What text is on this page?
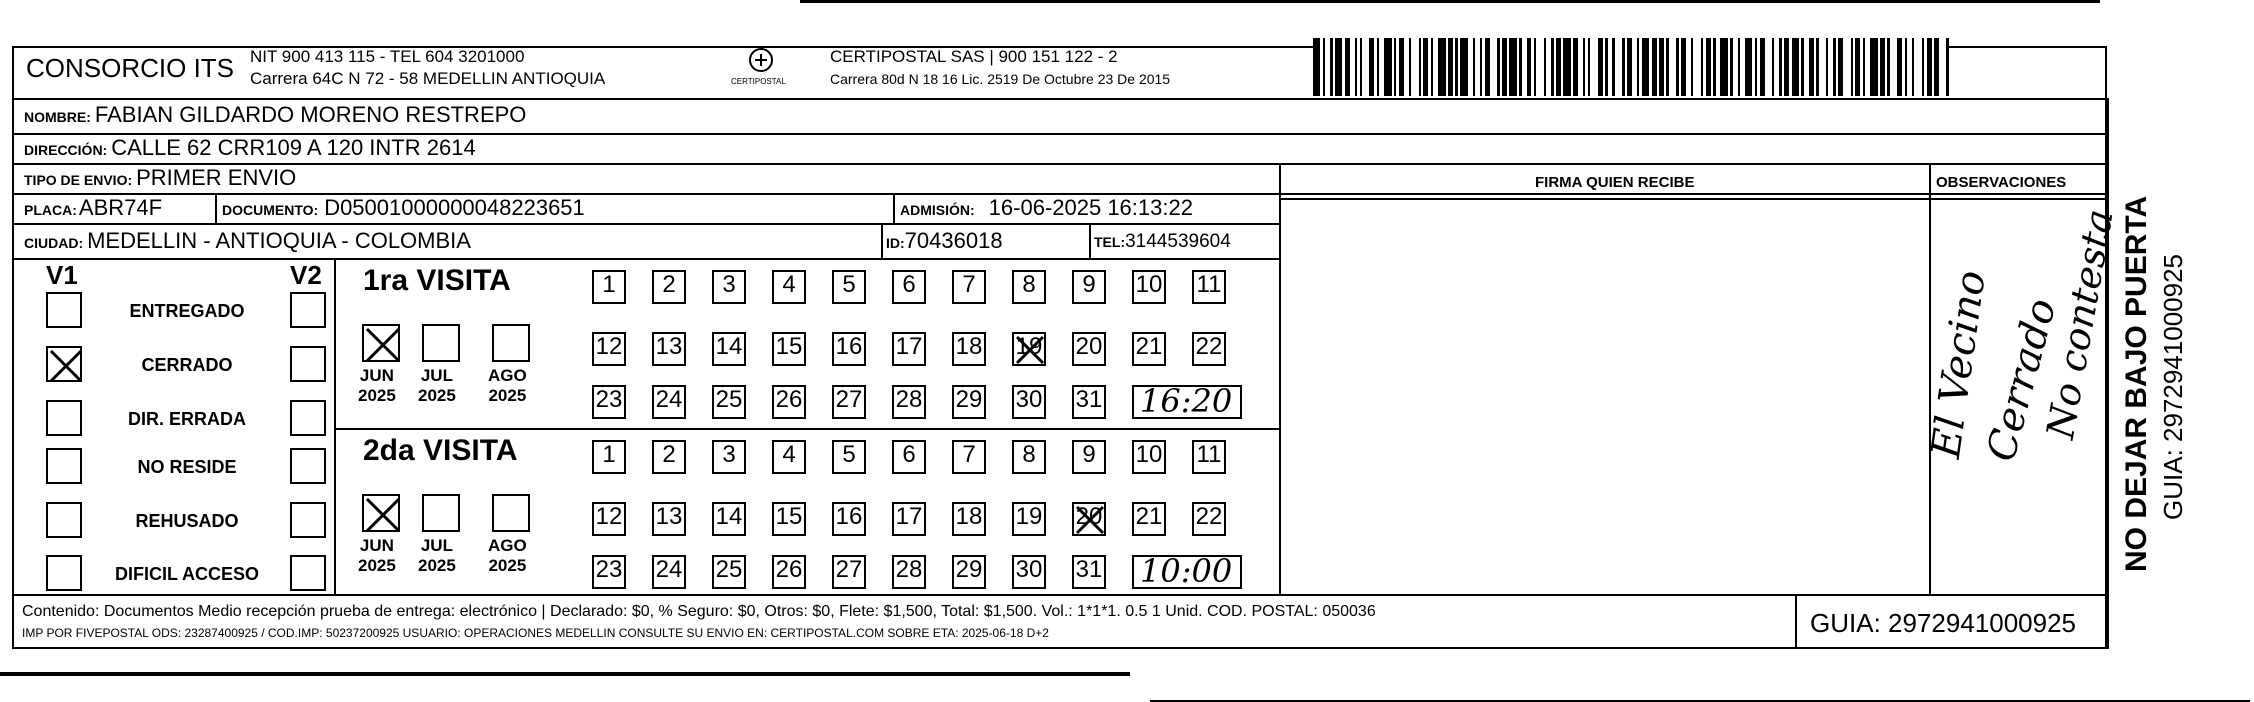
CONSORCIO ITS NIT 900 413 115 - TEL 604 3201000
Carrera 64C N 72 - 58 MEDELLIN ANTIOQUIA	CERTIPOSTAL
CERTIPOSTAL SAS | 900 151 122 - 2
Carrera 80d N 18 16 Lic. 2519 De Octubre 23 De 2015
NOMBRE: FABIAN GILDARDO MORENO RESTREPO
DIRECCIÓN: CALLE 62 CRR109 A 120 INTR 2614
TIPO DE ENVIO: PRIMER ENVIO	FIRMA QUIEN RECIBE	OBSERVACIONES
PLACA:ABR74F	DOCUMENTO: D05001000000048223651	ADMISIÓN: 16-06-2025 16:13:22
CIUDAD: MEDELLIN - ANTIOQUIA - COLOMBIA	ID:70436018	TEL:3144539604
V1	V2
ENTREGADO
CERRADO
DIR. ERRADA
NO RESIDE
REHUSADO
DIFICIL ACCESO
1ra VISITA
JUN
2025
JUL
2025
AGO
2025
1 2 3 4 5 6 7 8 9 10 11
12 13 14 15 16 17 18 19 20 21 22
23 24 25 26 27 28 29 30 31 16:20
2da VISITA
JUN
2025
JUL
2025
AGO
2025
1 2 3 4 5 6 7 8 9 10 11
12 13 14 15 16 17 18 19 20 21 22
23 24 25 26 27 28 29 30 31 10:00
El Vecino
Cerrado
No contesta
NO DEJAR BAJO PUERTA GUIA: 2972941000925
Contenido: Documentos Medio recepción prueba de entrega: electrónico | Declarado: $0, % Seguro: $0, Otros: $0, Flete: $1,500, Total: $1,500. Vol.: 1*1*1. 0.5 1 Unid. COD. POSTAL: 050036
IMP POR FIVEPOSTAL ODS: 23287400925 / COD.IMP: 50237200925 USUARIO: OPERACIONES MEDELLIN CONSULTE SU ENVIO EN: CERTIPOSTAL.COM SOBRE ETA: 2025-06-18 D+2	GUIA: 2972941000925
